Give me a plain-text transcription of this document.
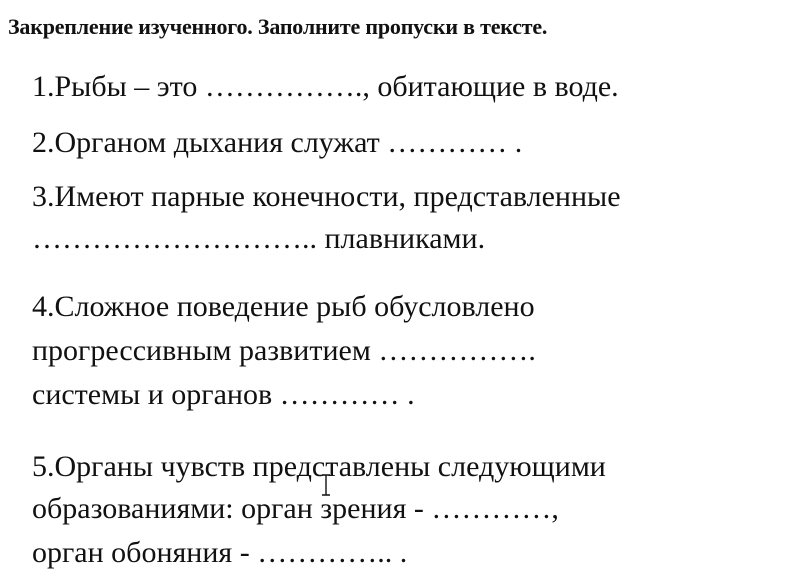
Закрепление изученного. Заполните пропуски в тексте.
1.Рыбы – это ……………., обитающие в воде.
2.Органом дыхания служат ………… .
3.Имеют парные конечности, представленные
……………………….. плавниками.
4.Сложное поведение рыб обусловлено
прогрессивным развитием …………….
системы и органов ………… .
5.Органы чувств представлены следующими
образованиями: орган зрения - …………,
орган обоняния - ………….. .
